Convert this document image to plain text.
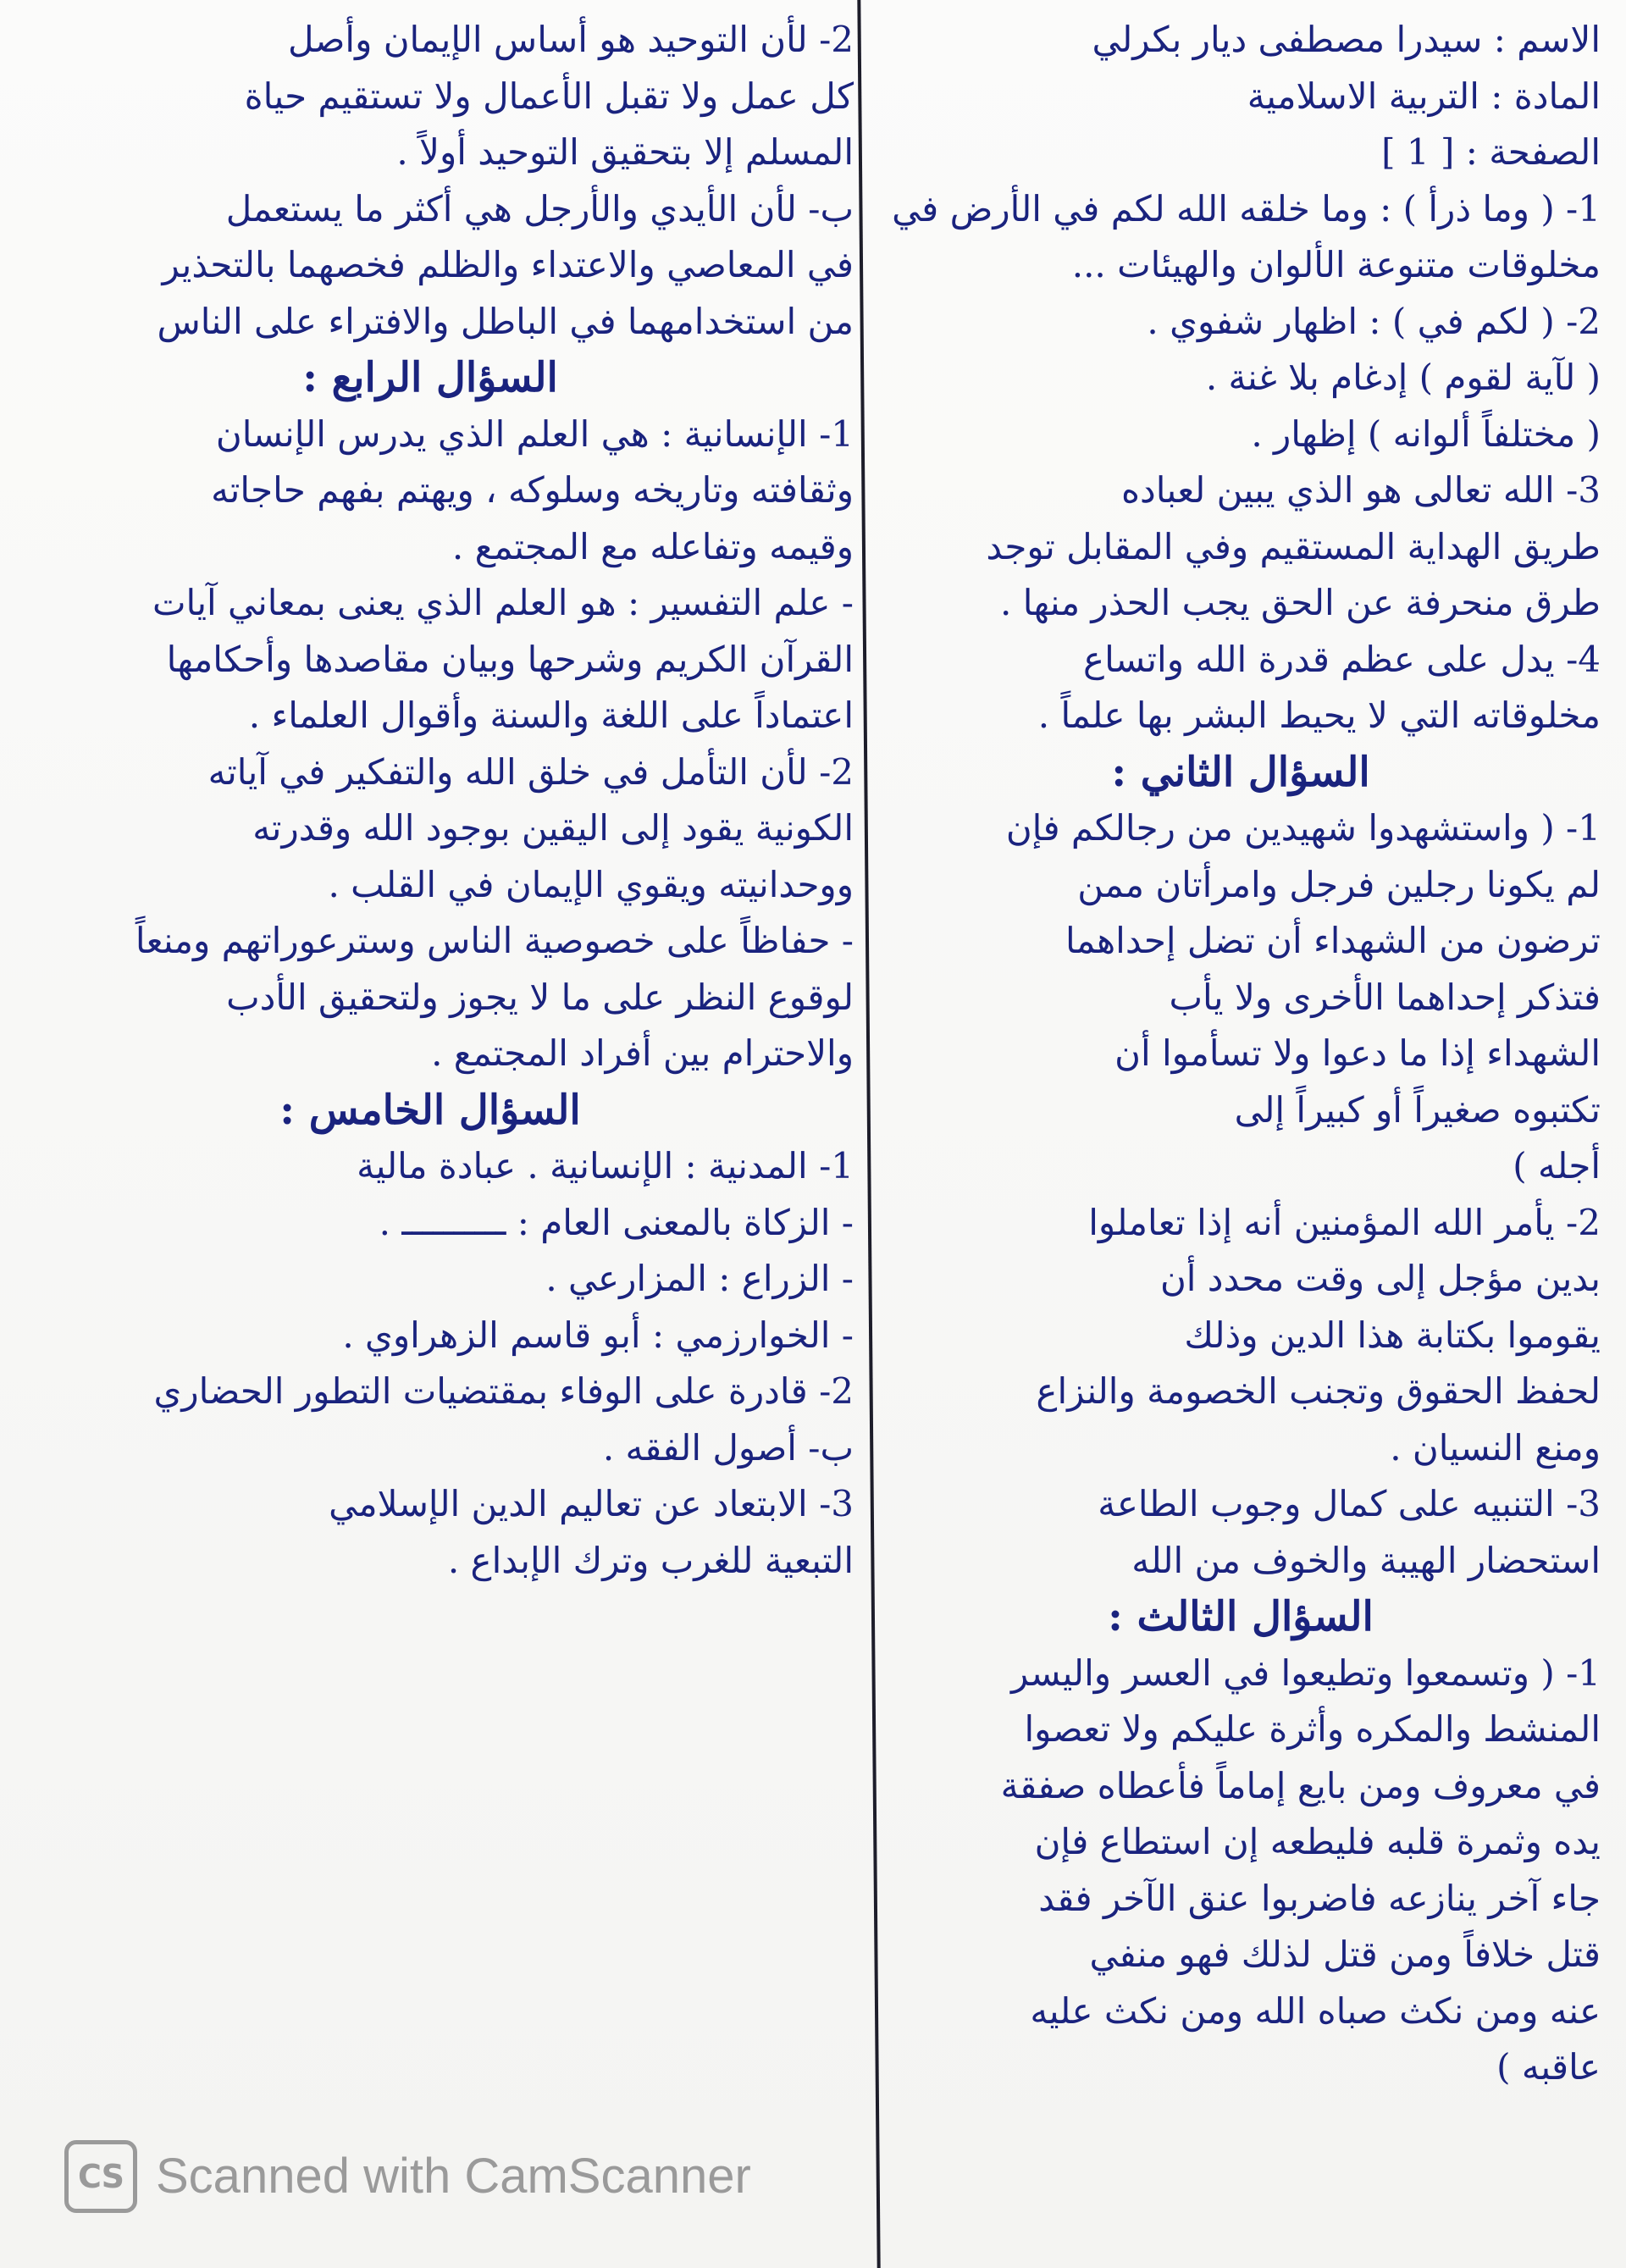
الاسم : سيدرا مصطفى ديار بكرلي
المادة : التربية الاسلامية
الصفحة : [ 1 ]
1- ( وما ذرأ ) : وما خلقه الله لكم في الأرض في
مخلوقات متنوعة الألوان والهيئات ...
2- ( لكم في ) : اظهار شفوي .
( لآية لقوم ) إدغام بلا غنة .
( مختلفاً ألوانه ) إظهار .
3- الله تعالى هو الذي يبين لعباده
طريق الهداية المستقيم وفي المقابل توجد
طرق منحرفة عن الحق يجب الحذر منها .
4- يدل على عظم قدرة الله واتساع
مخلوقاته التي لا يحيط البشر بها علماً .
السؤال الثاني :
1- ( واستشهدوا شهيدين من رجالكم فإن
لم يكونا رجلين فرجل وامرأتان ممن
ترضون من الشهداء أن تضل إحداهما
فتذكر إحداهما الأخرى ولا يأب
الشهداء إذا ما دعوا ولا تسأموا أن
تكتبوه صغيراً أو كبيراً إلى
أجله )
2- يأمر الله المؤمنين أنه إذا تعاملوا
بدين مؤجل إلى وقت محدد أن
يقوموا بكتابة هذا الدين وذلك
لحفظ الحقوق وتجنب الخصومة والنزاع
ومنع النسيان .
3- التنبيه على كمال وجوب الطاعة
استحضار الهيبة والخوف من الله
السؤال الثالث :
1- ( وتسمعوا وتطيعوا في العسر واليسر
المنشط والمكره وأثرة عليكم ولا تعصوا
في معروف ومن بايع إماماً فأعطاه صفقة
يده وثمرة قلبه فليطعه إن استطاع فإن
جاء آخر ينازعه فاضربوا عنق الآخر فقد
قتل خلافاً ومن قتل لذلك فهو منفي
عنه ومن نكث صباه الله ومن نكث عليه
عاقبه )
2- لأن التوحيد هو أساس الإيمان وأصل
كل عمل ولا تقبل الأعمال ولا تستقيم حياة
المسلم إلا بتحقيق التوحيد أولاً .
ب- لأن الأيدي والأرجل هي أكثر ما يستعمل
في المعاصي والاعتداء والظلم فخصهما بالتحذير
من استخدامهما في الباطل والافتراء على الناس
السؤال الرابع :
1- الإنسانية : هي العلم الذي يدرس الإنسان
وثقافته وتاريخه وسلوكه ، ويهتم بفهم حاجاته
وقيمه وتفاعله مع المجتمع .
- علم التفسير : هو العلم الذي يعنى بمعاني آيات
القرآن الكريم وشرحها وبيان مقاصدها وأحكامها
اعتماداً على اللغة والسنة وأقوال العلماء .
2- لأن التأمل في خلق الله والتفكير في آياته
الكونية يقود إلى اليقين بوجود الله وقدرته
ووحدانيته ويقوي الإيمان في القلب .
- حفاظاً على خصوصية الناس وسترعوراتهم ومنعاً
لوقوع النظر على ما لا يجوز ولتحقيق الأدب
والاحترام بين أفراد المجتمع .
السؤال الخامس :
1- المدنية : الإنسانية . عبادة مالية
- الزكاة بالمعنى العام : ــــــــــ .
- الزراع : المزارعي .
- الخوارزمي : أبو قاسم الزهراوي .
2- قادرة على الوفاء بمقتضيات التطور الحضاري
ب- أصول الفقه .
3- الابتعاد عن تعاليم الدين الإسلامي
التبعية للغرب وترك الإبداع .
CS Scanned with CamScanner
